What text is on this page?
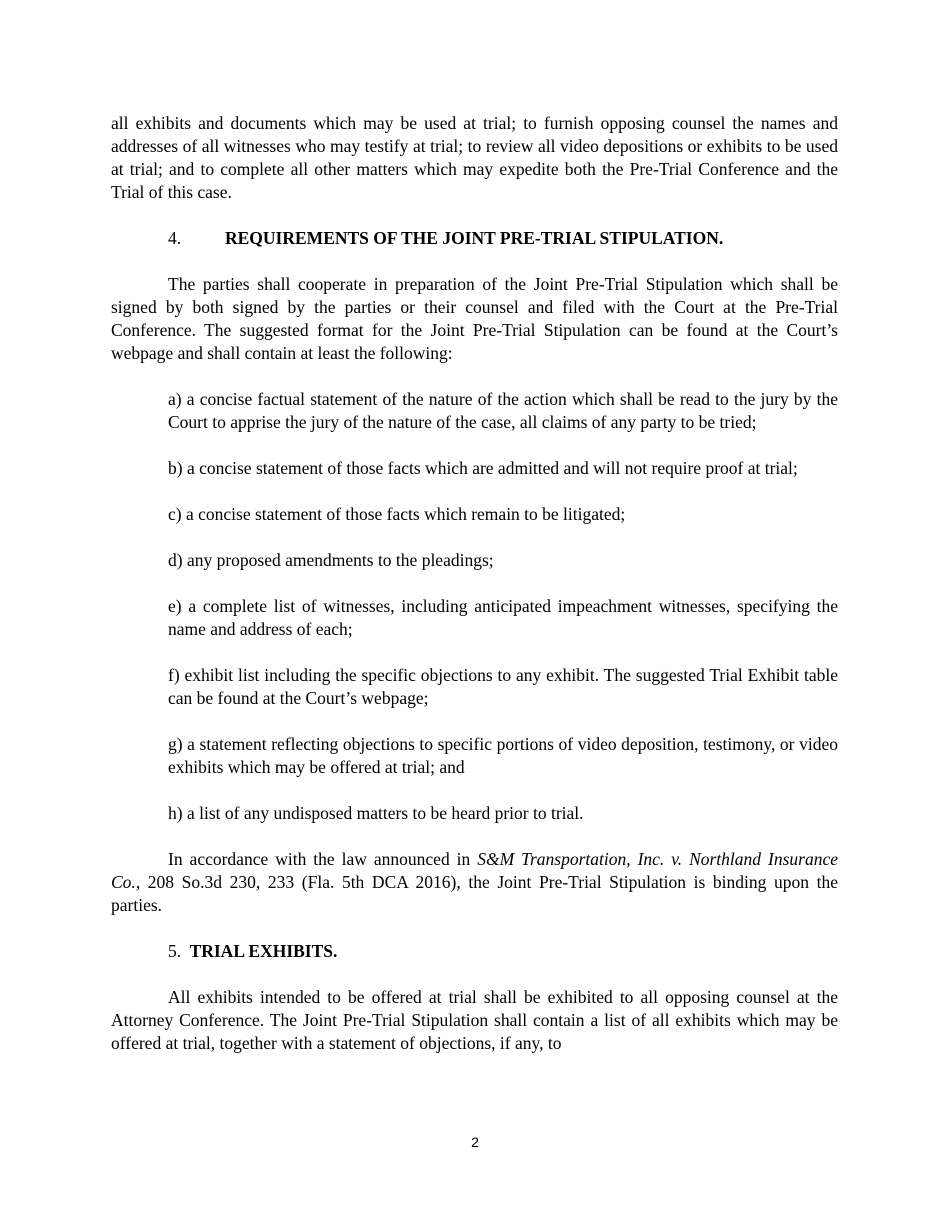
all exhibits and documents which may be used at trial; to furnish opposing counsel the names and addresses of all witnesses who may testify at trial; to review all video depositions or exhibits to be used at trial; and to complete all other matters which may expedite both the Pre-Trial Conference and the Trial of this case.

4.	REQUIREMENTS OF THE JOINT PRE-TRIAL STIPULATION.

The parties shall cooperate in preparation of the Joint Pre-Trial Stipulation which shall be signed by both signed by the parties or their counsel and filed with the Court at the Pre-Trial Conference. The suggested format for the Joint Pre-Trial Stipulation can be found at the Court’s webpage and shall contain at least the following:

a) a concise factual statement of the nature of the action which shall be read to the jury by the Court to apprise the jury of the nature of the case, all claims of any party to be tried;

b) a concise statement of those facts which are admitted and will not require proof at trial;

c) a concise statement of those facts which remain to be litigated;

d) any proposed amendments to the pleadings;

e) a complete list of witnesses, including anticipated impeachment witnesses, specifying the name and address of each;

f) exhibit list including the specific objections to any exhibit. The suggested Trial Exhibit table can be found at the Court’s webpage;

g) a statement reflecting objections to specific portions of video deposition, testimony, or video exhibits which may be offered at trial; and

h) a list of any undisposed matters to be heard prior to trial.

In accordance with the law announced in S&M Transportation, Inc. v. Northland Insurance Co., 208 So.3d 230, 233 (Fla. 5th DCA 2016), the Joint Pre-Trial Stipulation is binding upon the parties.

5. TRIAL EXHIBITS.

All exhibits intended to be offered at trial shall be exhibited to all opposing counsel at the Attorney Conference. The Joint Pre-Trial Stipulation shall contain a list of all exhibits which may be offered at trial, together with a statement of objections, if any, to

2
